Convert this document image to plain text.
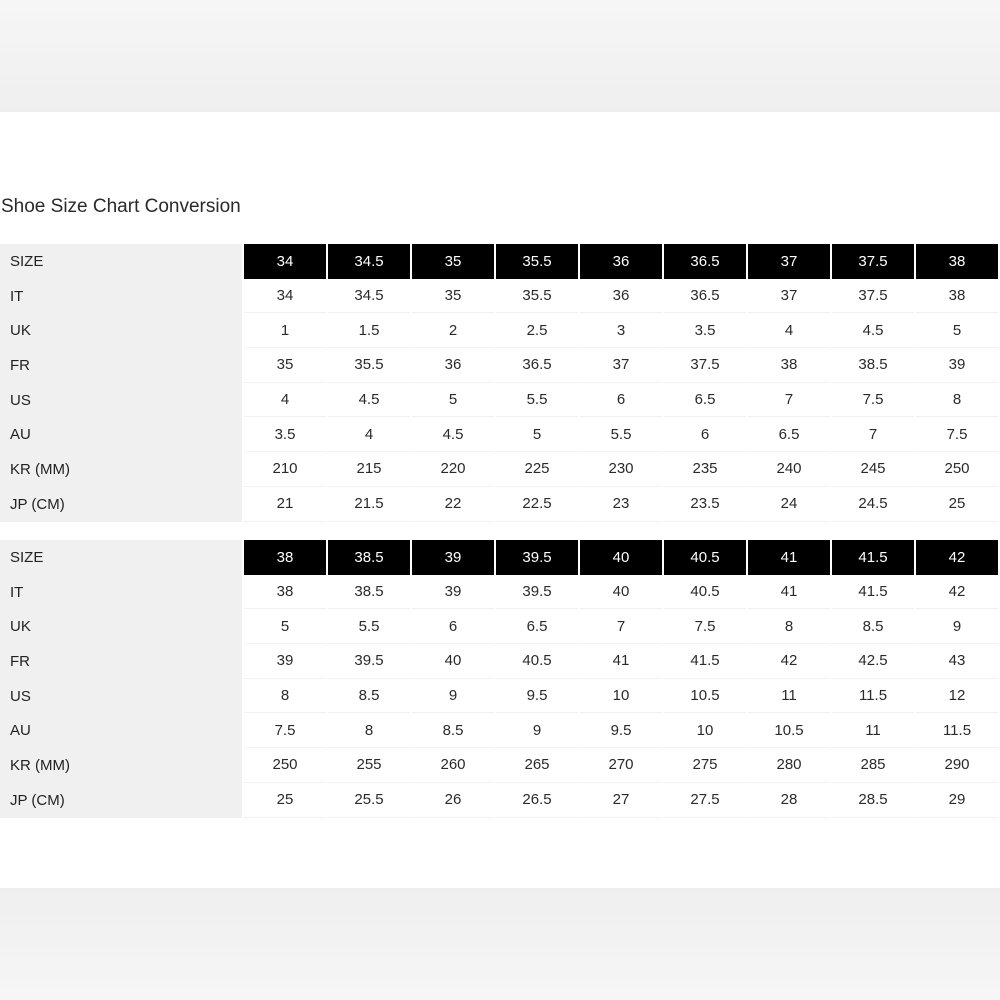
Shoe Size Chart Conversion
SIZE	34	34.5	35	35.5	36	36.5	37	37.5	38
IT	34	34.5	35	35.5	36	36.5	37	37.5	38
UK	1	1.5	2	2.5	3	3.5	4	4.5	5
FR	35	35.5	36	36.5	37	37.5	38	38.5	39
US	4	4.5	5	5.5	6	6.5	7	7.5	8
AU	3.5	4	4.5	5	5.5	6	6.5	7	7.5
KR (MM)	210	215	220	225	230	235	240	245	250
JP (CM)	21	21.5	22	22.5	23	23.5	24	24.5	25
SIZE	38	38.5	39	39.5	40	40.5	41	41.5	42
IT	38	38.5	39	39.5	40	40.5	41	41.5	42
UK	5	5.5	6	6.5	7	7.5	8	8.5	9
FR	39	39.5	40	40.5	41	41.5	42	42.5	43
US	8	8.5	9	9.5	10	10.5	11	11.5	12
AU	7.5	8	8.5	9	9.5	10	10.5	11	11.5
KR (MM)	250	255	260	265	270	275	280	285	290
JP (CM)	25	25.5	26	26.5	27	27.5	28	28.5	29
